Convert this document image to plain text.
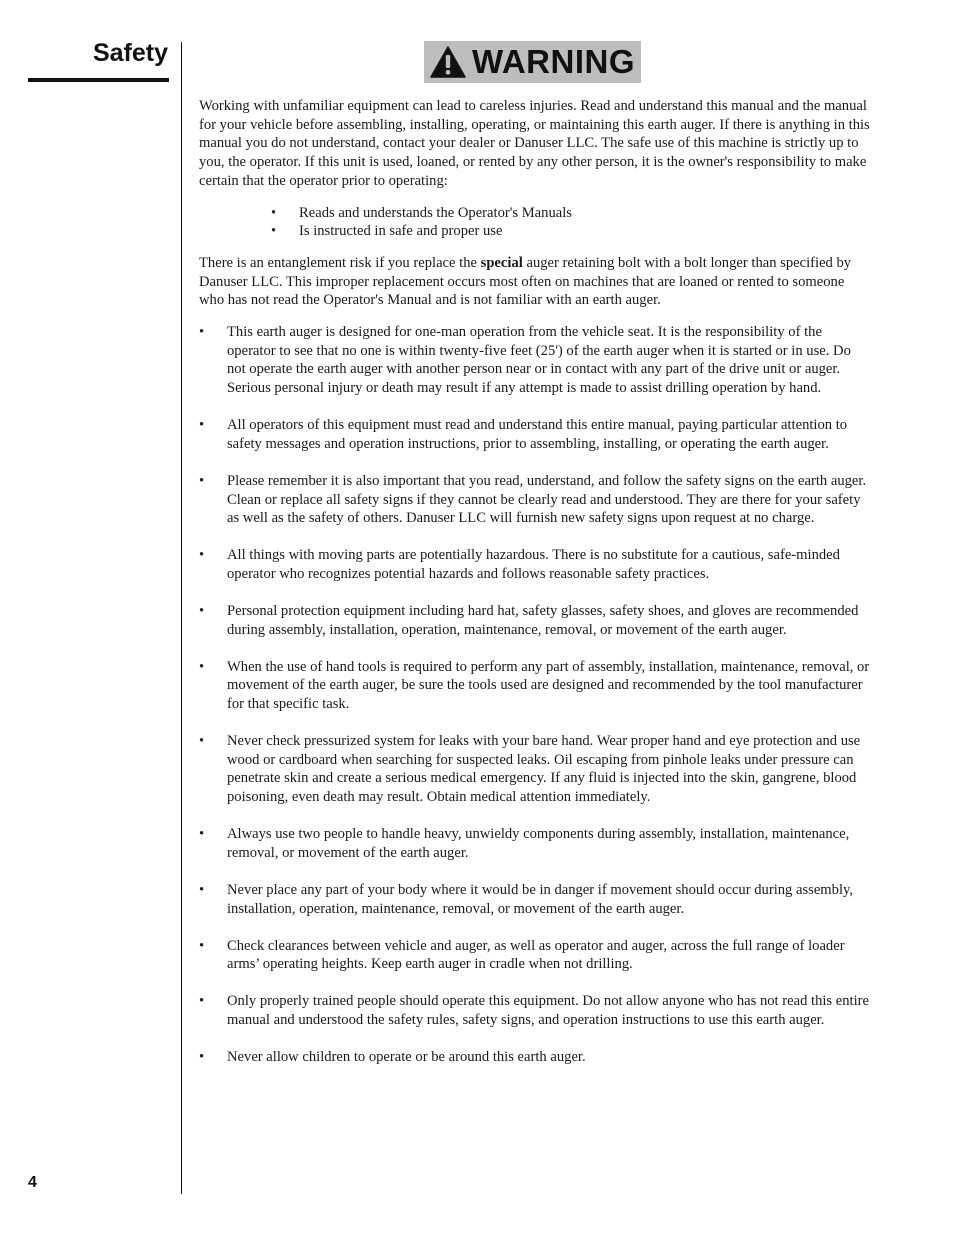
Safety	WARNING

Working with unfamiliar equipment can lead to careless injuries. Read and understand this manual and the manual for your vehicle before assembling, installing, operating, or maintaining this earth auger. If there is anything in this manual you do not understand, contact your dealer or Danuser LLC. The safe use of this machine is strictly up to you, the operator. If this unit is used, loaned, or rented by any other person, it is the owner's responsibility to make certain that the operator prior to operating:

• Reads and understands the Operator's Manuals
• Is instructed in safe and proper use

There is an entanglement risk if you replace the special auger retaining bolt with a bolt longer than specified by Danuser LLC. This improper replacement occurs most often on machines that are loaned or rented to someone who has not read the Operator's Manual and is not familiar with an earth auger.

• This earth auger is designed for one-man operation from the vehicle seat. It is the responsibility of the operator to see that no one is within twenty-five feet (25') of the earth auger when it is started or in use. Do not operate the earth auger with another person near or in contact with any part of the drive unit or auger. Serious personal injury or death may result if any attempt is made to assist drilling operation by hand.
• All operators of this equipment must read and understand this entire manual, paying particular attention to safety messages and operation instructions, prior to assembling, installing, or operating the earth auger.
• Please remember it is also important that you read, understand, and follow the safety signs on the earth auger. Clean or replace all safety signs if they cannot be clearly read and understood. They are there for your safety as well as the safety of others. Danuser LLC will furnish new safety signs upon request at no charge.
• All things with moving parts are potentially hazardous. There is no substitute for a cautious, safe-minded operator who recognizes potential hazards and follows reasonable safety practices.
• Personal protection equipment including hard hat, safety glasses, safety shoes, and gloves are recommended during assembly, installation, operation, maintenance, removal, or movement of the earth auger.
• When the use of hand tools is required to perform any part of assembly, installation, maintenance, removal, or movement of the earth auger, be sure the tools used are designed and recommended by the tool manufacturer for that specific task.
• Never check pressurized system for leaks with your bare hand. Wear proper hand and eye protection and use wood or cardboard when searching for suspected leaks. Oil escaping from pinhole leaks under pressure can penetrate skin and create a serious medical emergency. If any fluid is injected into the skin, gangrene, blood poisoning, even death may result. Obtain medical attention immediately.
• Always use two people to handle heavy, unwieldy components during assembly, installation, maintenance, removal, or movement of the earth auger.
• Never place any part of your body where it would be in danger if movement should occur during assembly, installation, operation, maintenance, removal, or movement of the earth auger.
• Check clearances between vehicle and auger, as well as operator and auger, across the full range of loader arms’ operating heights. Keep earth auger in cradle when not drilling.
• Only properly trained people should operate this equipment. Do not allow anyone who has not read this entire manual and understood the safety rules, safety signs, and operation instructions to use this earth auger.
• Never allow children to operate or be around this earth auger.
4
